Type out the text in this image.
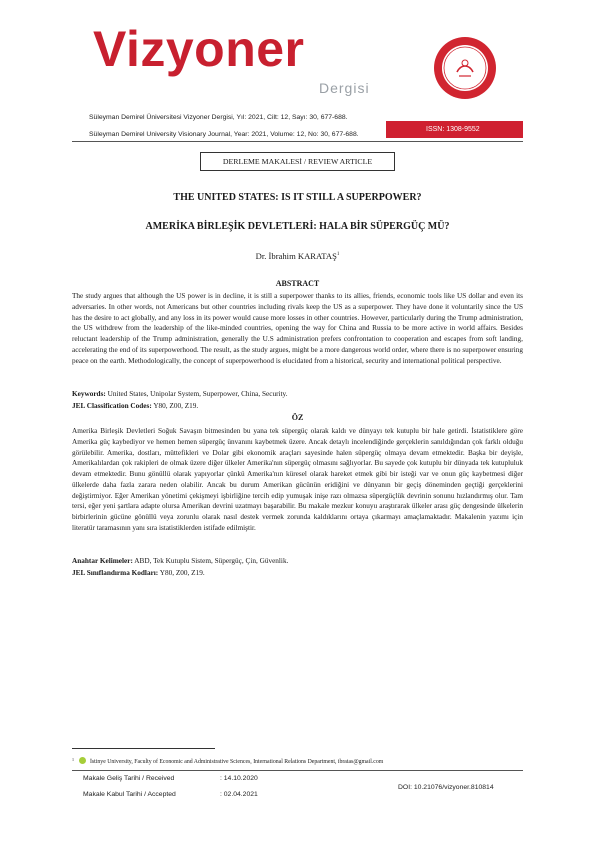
Vizyoner
Dergisi
Süleyman Demirel Üniversitesi Vizyoner Dergisi, Yıl: 2021, Cilt: 12, Sayı: 30, 677-688.
Süleyman Demirel University Visionary Journal, Year: 2021, Volume: 12, No: 30, 677-688.
ISSN: 1308-9552
DERLEME MAKALESİ / REVIEW ARTICLE
THE UNITED STATES: IS IT STILL A SUPERPOWER?
AMERİKA BİRLEŞİK DEVLETLERİ: HALA BİR SÜPERGÜÇ MÜ?
Dr. İbrahim KARATAŞ$^1$
ABSTRACT
The study argues that although the US power is in decline, it is still a superpower thanks to its allies, friends, economic tools like US dollar and even its adversaries. In other words, not Americans but other countries including rivals keep the US as a superpower. They have done it voluntarily since the US has the desire to act globally, and any loss in its power would cause more losses in other countries. However, particularly during the Trump administration, the US withdrew from the leadership of the like-minded countries, opening the way for China and Russia to be more active in world affairs. Besides reluctant leadership of the Trump administration, generally the U.S administration prefers confrontation to cooperation and escapes from soft landing, accelerating the end of its superpowerhood. The result, as the study argues, might be a more dangerous world order, where there is no superpower ensuring peace on the earth. Methodologically, the concept of superpowerhood is elucidated from a historical, security and international political perspective.
Keywords: United States, Unipolar System, Superpower, China, Security.
JEL Classification Codes: Y80, Z00, Z19.
ÖZ
Amerika Birleşik Devletleri Soğuk Savaşın bitmesinden bu yana tek süpergüç olarak kaldı ve dünyayı tek kutuplu bir hale getirdi. İstatistiklere göre Amerika güç kaybediyor ve hemen hemen süpergüç ünvanını kaybetmek üzere. Ancak detaylı incelendiğinde gerçeklerin sanıldığından çok farklı olduğu görülebilir. Amerika, dostları, müttefikleri ve Dolar gibi ekonomik araçları sayesinde halen süpergüç olmaya devam etmektedir. Başka bir deyişle, Amerikalılardan çok rakipleri de olmak üzere diğer ülkeler Amerika'nın süpergüç olmasını sağlıyorlar. Bu sayede çok kutuplu bir dünyada tek kutupluluk devam etmektedir. Bunu gönüllü olarak yapıyorlar çünkü Amerika'nın küresel olarak hareket etmek gibi bir isteği var ve onun güç kaybetmesi diğer ülkelerde daha fazla zarara neden olabilir. Ancak bu durum Amerikan gücünün eridiğini ve dünyanın bir geçiş döneminden geçtiği gerçeklerini değiştirmiyor. Eğer Amerikan yönetimi çekişmeyi işbirliğine tercih edip yumuşak inişe razı olmazsa süpergüçlük devrinin sonunu hızlandırmış olur. Tam tersi, eğer yeni şartlara adapte olursa Amerikan devrini uzatmayı başarabilir. Bu makale mezkur konuyu araştırarak ülkeler arası güç dengesinde ülkelerin birbirlerinin gücüne gönüllü veya zorunlu olarak nasıl destek vermek zorunda kaldıklarını ortaya çıkarmayı amaçlamaktadır. Makalenin yazımı için literatür taramasının yanı sıra istatistiklerden istifade edilmiştir.
Anahtar Kelimeler: ABD, Tek Kutuplu Sistem, Süpergüç, Çin, Güvenlik.
JEL Sınıflandırma Kodları: Y80, Z00, Z19.
$^1$	İstinye University, Faculty of Economic and Administrative Sciences, International Relations Department, ibratas@gmail.com
Makale Geliş Tarihi / Received	: 14.10.2020
Makale Kabul Tarihi / Accepted	: 02.04.2021
DOI: 10.21076/vizyoner.810814
